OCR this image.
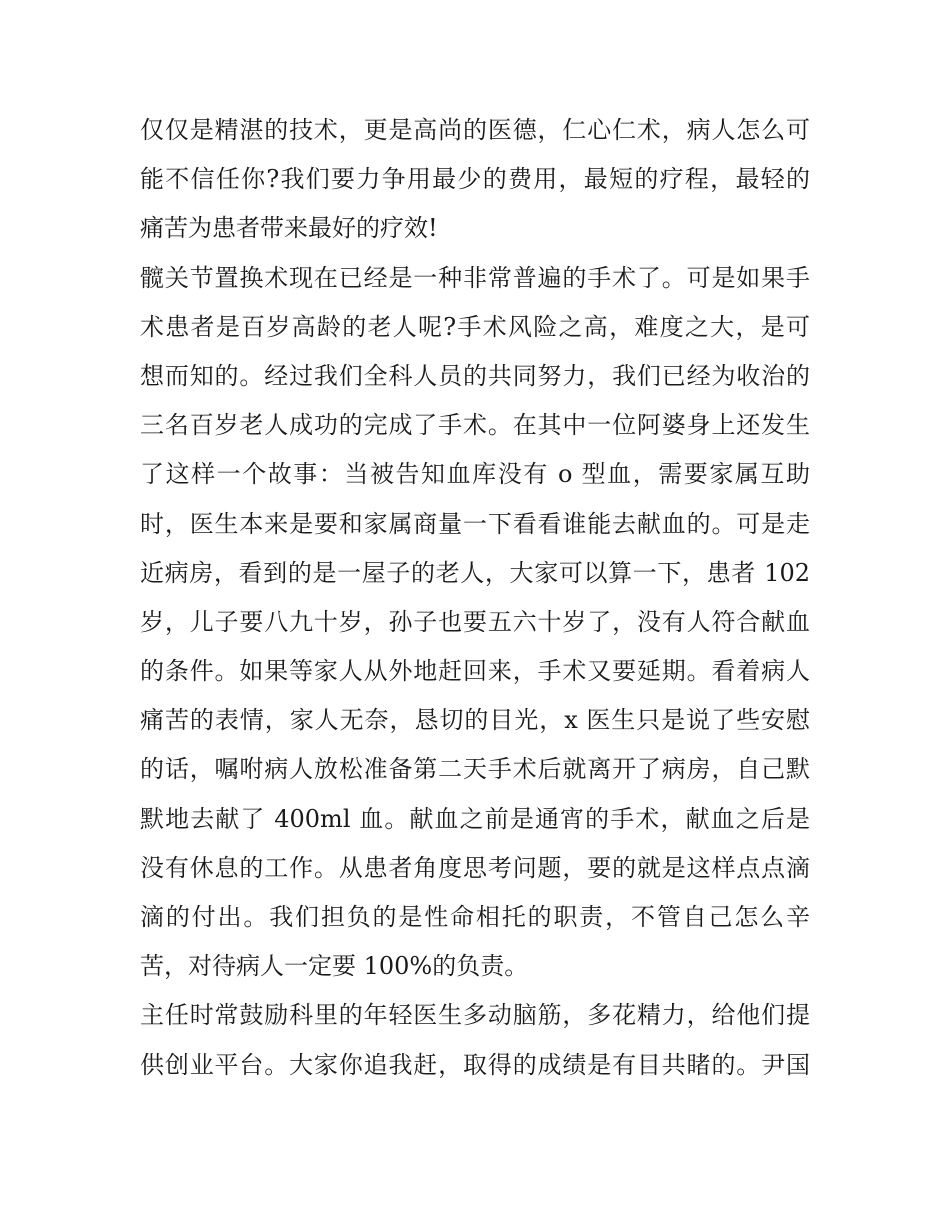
仅仅是精湛的技术，更是高尚的医德，仁心仁术，病人怎么可
能不信任你?我们要力争用最少的费用，最短的疗程，最轻的
痛苦为患者带来最好的疗效!
髋关节置换术现在已经是一种非常普遍的手术了。可是如果手
术患者是百岁高龄的老人呢?手术风险之高，难度之大，是可
想而知的。经过我们全科人员的共同努力，我们已经为收治的
三名百岁老人成功的完成了手术。在其中一位阿婆身上还发生
了这样一个故事：当被告知血库没有 o 型血，需要家属互助
时，医生本来是要和家属商量一下看看谁能去献血的。可是走
近病房，看到的是一屋子的老人，大家可以算一下，患者 102
岁，儿子要八九十岁，孙子也要五六十岁了，没有人符合献血
的条件。如果等家人从外地赶回来，手术又要延期。看着病人
痛苦的表情，家人无奈，恳切的目光，x 医生只是说了些安慰
的话，嘱咐病人放松准备第二天手术后就离开了病房，自己默
默地去献了 400ml 血。献血之前是通宵的手术，献血之后是
没有休息的工作。从患者角度思考问题，要的就是这样点点滴
滴的付出。我们担负的是性命相托的职责，不管自己怎么辛
苦，对待病人一定要 100%的负责。
主任时常鼓励科里的年轻医生多动脑筋，多花精力，给他们提
供创业平台。大家你追我赶，取得的成绩是有目共睹的。尹国
